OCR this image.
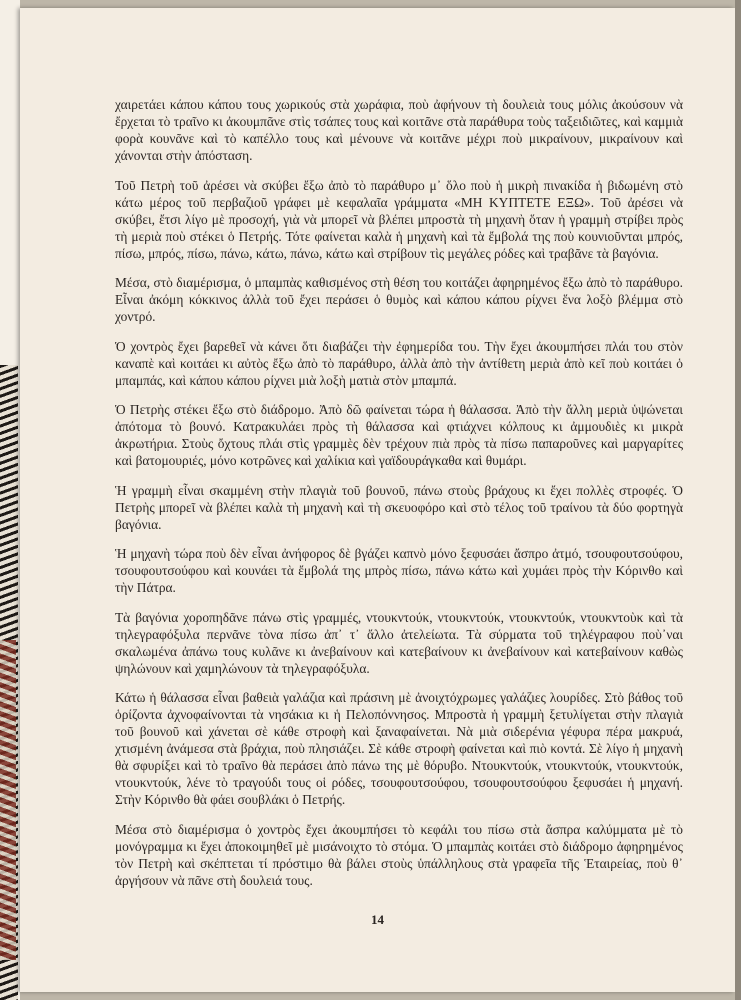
χαιρετάει κάπου κάπου τους χωρικούς στὰ χωράφια, ποὺ ἀφήνουν τὴ δουλειὰ τους μόλις ἀκούσουν νὰ ἔρχεται τὸ τραῖνο κι ἀκουμπᾶνε στὶς τσάπες τους καὶ κοιτᾶνε στὰ παράθυρα τοὺς ταξειδιῶτες, καὶ καμμιὰ φορὰ κουνᾶνε καὶ τὸ καπέλλο τους καὶ μένουνε νὰ κοιτᾶνε μέχρι ποὺ μικραίνουν, μικραίνουν καὶ χάνονται στὴν ἀπόσταση.

Τοῦ Πετρὴ τοῦ ἀρέσει νὰ σκύβει ἔξω ἀπὸ τὸ παράθυρο μ᾽ ὅλο ποὺ ἡ μικρὴ πινακίδα ἡ βιδωμένη στὸ κάτω μέρος τοῦ περβαζιοῦ γράφει μὲ κεφαλαῖα γράμματα «ΜΗ ΚΥΠΤΕΤΕ ΕΞΩ». Τοῦ ἀρέσει νὰ σκύβει, ἔτσι λίγο μὲ προσοχή, γιὰ νὰ μπορεῖ νὰ βλέπει μπροστὰ τὴ μηχανὴ ὅταν ἡ γραμμὴ στρίβει πρὸς τὴ μεριὰ ποὺ στέκει ὁ Πετρής. Τότε φαίνεται καλὰ ἡ μηχανὴ καὶ τὰ ἔμβολά της ποὺ κουνιοῦνται μπρός, πίσω, μπρός, πίσω, πάνω, κάτω, πάνω, κάτω καὶ στρίβουν τὶς μεγάλες ρόδες καὶ τραβᾶνε τὰ βαγόνια.

Μέσα, στὸ διαμέρισμα, ὁ μπαμπὰς καθισμένος στὴ θέση του κοιτάζει ἀφηρημένος ἔξω ἀπὸ τὸ παράθυρο. Εἶναι ἀκόμη κόκκινος ἀλλὰ τοῦ ἔχει περάσει ὁ θυμὸς καὶ κάπου κάπου ρίχνει ἕνα λοξὸ βλέμμα στὸ χοντρό.

Ὁ χοντρὸς ἔχει βαρεθεῖ νὰ κάνει ὅτι διαβάζει τὴν ἐφημερίδα του. Τὴν ἔχει ἀκουμπήσει πλάι του στὸν καναπὲ καὶ κοιτάει κι αὐτὸς ἔξω ἀπὸ τὸ παράθυρο, ἀλλὰ ἀπὸ τὴν ἀντίθετη μεριὰ ἀπὸ κεῖ ποὺ κοιτάει ὁ μπαμπάς, καὶ κάπου κάπου ρίχνει μιὰ λοξὴ ματιὰ στὸν μπαμπά.

Ὁ Πετρὴς στέκει ἔξω στὸ διάδρομο. Ἀπὸ δῶ φαίνεται τώρα ἡ θάλασσα. Ἀπὸ τὴν ἄλλη μεριὰ ὑψώνεται ἀπότομα τὸ βουνό. Κατρακυλάει πρὸς τὴ θάλασσα καὶ φτιάχνει κόλπους κι ἀμμουδιὲς κι μικρὰ ἀκρωτήρια. Στοὺς ὄχτους πλάι στὶς γραμμὲς δὲν τρέχουν πιὰ πρὸς τὰ πίσω παπαροῦνες καὶ μαργαρίτες καὶ βατομουριές, μόνο κοτρῶνες καὶ χαλίκια καὶ γαϊδουράγκαθα καὶ θυμάρι.

Ἡ γραμμὴ εἶναι σκαμμένη στὴν πλαγιὰ τοῦ βουνοῦ, πάνω στοὺς βράχους κι ἔχει πολλὲς στροφές. Ὁ Πετρὴς μπορεῖ νὰ βλέπει καλὰ τὴ μηχανὴ καὶ τὴ σκευοφόρο καὶ στὸ τέλος τοῦ τραίνου τὰ δύο φορτηγὰ βαγόνια.

Ἡ μηχανὴ τώρα ποὺ δὲν εἶναι ἀνήφορος δὲ βγάζει καπνὸ μόνο ξεφυσάει ἄσπρο ἀτμό, τσουφουτσούφου, τσουφουτσούφου καὶ κουνάει τὰ ἔμβολά της μπρὸς πίσω, πάνω κάτω καὶ χυμάει πρὸς τὴν Κόρινθο καὶ τὴν Πάτρα.

Τὰ βαγόνια χοροπηδᾶνε πάνω στὶς γραμμές, ντουκντούκ, ντουκντούκ, ντουκντούκ, ντουκντοὺκ καὶ τὰ τηλεγραφόξυλα περνᾶνε τὸνα πίσω ἀπ᾽ τ᾽ ἄλλο ἀτελείωτα. Τὰ σύρματα τοῦ τηλέγραφου ποὺ᾽ναι σκαλωμένα ἀπάνω τους κυλᾶνε κι ἀνεβαίνουν καὶ κατεβαίνουν κι ἀνεβαίνουν καὶ κατεβαίνουν καθὼς ψηλώνουν καὶ χαμηλώνουν τὰ τηλεγραφόξυλα.

Κάτω ἡ θάλασσα εἶναι βαθειὰ γαλάζια καὶ πράσινη μὲ ἀνοιχτόχρωμες γαλάζιες λουρίδες. Στὸ βάθος τοῦ ὁρίζοντα ἀχνοφαίνονται τὰ νησάκια κι ἡ Πελοπόννησος. Μπροστὰ ἡ γραμμὴ ξετυλίγεται στὴν πλαγιὰ τοῦ βουνοῦ καὶ χάνεται σὲ κάθε στροφὴ καὶ ξαναφαίνεται. Νὰ μιὰ σιδερένια γέφυρα πέρα μακρυά, χτισμένη ἀνάμεσα στὰ βράχια, ποὺ πλησιάζει. Σὲ κάθε στροφὴ φαίνεται καὶ πιὸ κοντά. Σὲ λίγο ἡ μηχανὴ θὰ σφυρίξει καὶ τὸ τραῖνο θὰ περάσει ἀπὸ πάνω της μὲ θόρυβο. Ντουκντούκ, ντουκντούκ, ντουκντούκ, ντουκντούκ, λένε τὸ τραγούδι τους οἱ ρόδες, τσουφουτσούφου, τσουφουτσούφου ξεφυσάει ἡ μηχανή. Στὴν Κόρινθο θὰ φάει σουβλάκι ὁ Πετρής.

Μέσα στὸ διαμέρισμα ὁ χοντρὸς ἔχει ἀκουμπήσει τὸ κεφάλι του πίσω στὰ ἄσπρα καλύμματα μὲ τὸ μονόγραμμα κι ἔχει ἀποκοιμηθεῖ μὲ μισάνοιχτο τὸ στόμα. Ὁ μπαμπὰς κοιτάει στὸ διάδρομο ἀφηρημένος τὸν Πετρὴ καὶ σκέπτεται τί πρόστιμο θὰ βάλει στοὺς ὑπάλληλους στὰ γραφεῖα τῆς Ἑταιρείας, ποὺ θ᾽ ἀργήσουν νὰ πᾶνε στὴ δουλειά τους.

14
